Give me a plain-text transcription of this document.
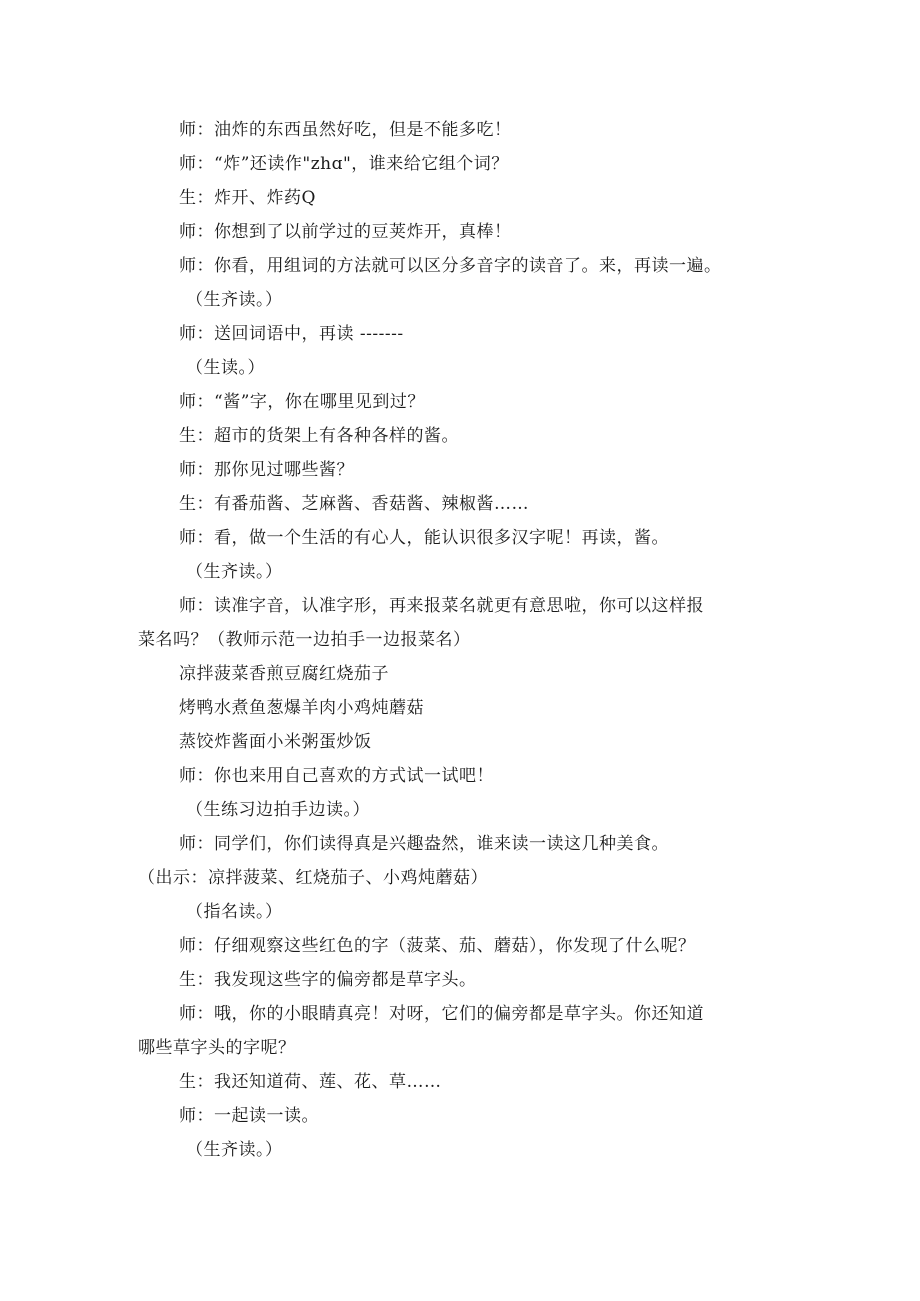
师：油炸的东西虽然好吃，但是不能多吃！
师：“炸”还读作"zhɑ"，谁来给它组个词？
生：炸开、炸药Q
师：你想到了以前学过的豆荚炸开，真棒！
师：你看，用组词的方法就可以区分多音字的读音了。来，再读一遍。
（生齐读。）
师：送回词语中，再读 -------
（生读。）
师：“酱”字，你在哪里见到过？
生：超市的货架上有各种各样的酱。
师：那你见过哪些酱？
生：有番茄酱、芝麻酱、香菇酱、辣椒酱……
师：看，做一个生活的有心人，能认识很多汉字呢！再读，酱。
（生齐读。）
师：读准字音，认准字形，再来报菜名就更有意思啦，你可以这样报
菜名吗？（教师示范一边拍手一边报菜名）
凉拌菠菜香煎豆腐红烧茄子
烤鸭水煮鱼葱爆羊肉小鸡炖蘑菇
蒸饺炸酱面小米粥蛋炒饭
师：你也来用自己喜欢的方式试一试吧！
（生练习边拍手边读。）
师：同学们，你们读得真是兴趣盎然，谁来读一读这几种美食。
（出示：凉拌菠菜、红烧茄子、小鸡炖蘑菇）
（指名读。）
师：仔细观察这些红色的字（菠菜、茄、蘑菇），你发现了什么呢？
生：我发现这些字的偏旁都是草字头。
师：哦，你的小眼睛真亮！对呀，它们的偏旁都是草字头。你还知道
哪些草字头的字呢？
生：我还知道荷、莲、花、草……
师：一起读一读。
（生齐读。）
